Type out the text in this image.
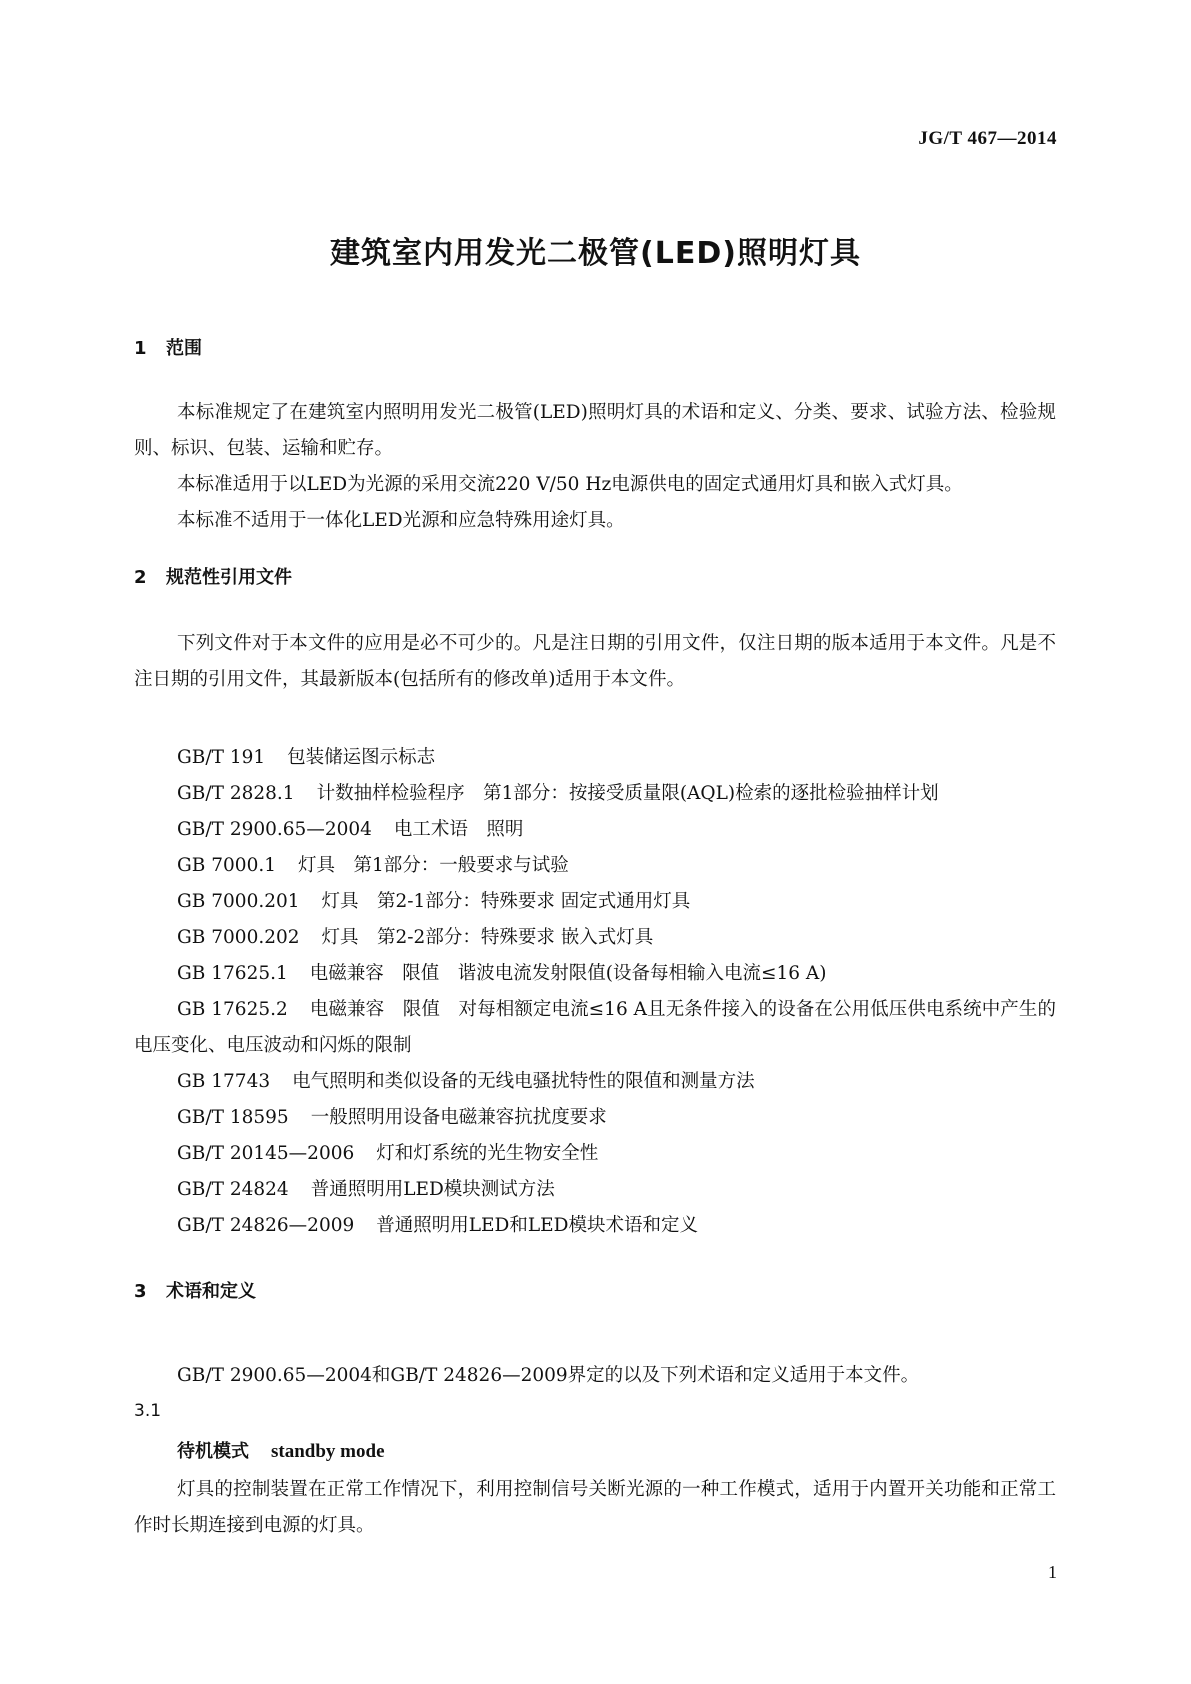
JG/T 467—2014
建筑室内用发光二极管(LED)照明灯具
1 范围

本标准规定了在建筑室内照明用发光二极管(LED)照明灯具的术语和定义、分类、要求、试验方法、检验规则、标识、包装、运输和贮存。

本标准适用于以LED为光源的采用交流220 V/50 Hz电源供电的固定式通用灯具和嵌入式灯具。

本标准不适用于一体化LED光源和应急特殊用途灯具。

2 规范性引用文件

下列文件对于本文件的应用是必不可少的。凡是注日期的引用文件，仅注日期的版本适用于本文件。凡是不注日期的引用文件，其最新版本(包括所有的修改单)适用于本文件。

GB/T 191 包装储运图示标志
GB/T 2828.1 计数抽样检验程序　第1部分：按接受质量限(AQL)检索的逐批检验抽样计划
GB/T 2900.65—2004 电工术语　照明
GB 7000.1 灯具　第1部分：一般要求与试验
GB 7000.201 灯具　第2-1部分：特殊要求 固定式通用灯具
GB 7000.202 灯具　第2-2部分：特殊要求 嵌入式灯具
GB 17625.1 电磁兼容　限值　谐波电流发射限值(设备每相输入电流≤16 A)
GB 17625.2 电磁兼容　限值　对每相额定电流≤16 A且无条件接入的设备在公用低压供电系统中产生的电压变化、电压波动和闪烁的限制
GB 17743 电气照明和类似设备的无线电骚扰特性的限值和测量方法
GB/T 18595 一般照明用设备电磁兼容抗扰度要求
GB/T 20145—2006 灯和灯系统的光生物安全性
GB/T 24824 普通照明用LED模块测试方法
GB/T 24826—2009 普通照明用LED和LED模块术语和定义
3 术语和定义

GB/T 2900.65—2004和GB/T 24826—2009界定的以及下列术语和定义适用于本文件。

3.1
待机模式 standby mode

灯具的控制装置在正常工作情况下，利用控制信号关断光源的一种工作模式，适用于内置开关功能和正常工作时长期连接到电源的灯具。

1
